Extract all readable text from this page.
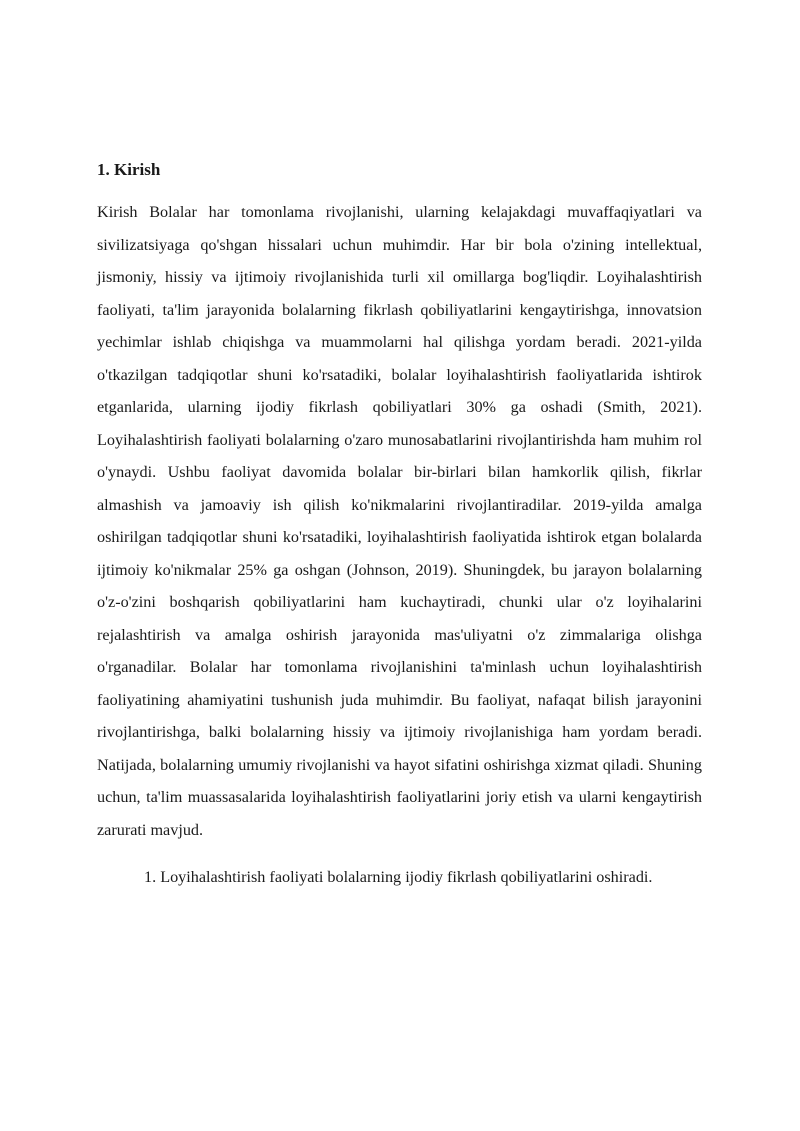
1. Kirish

Kirish Bolalar har tomonlama rivojlanishi, ularning kelajakdagi muvaffaqiyatlari va sivilizatsiyaga qo'shgan hissalari uchun muhimdir. Har bir bola o'zining intellektual, jismoniy, hissiy va ijtimoiy rivojlanishida turli xil omillarga bog'liqdir. Loyihalashtirish faoliyati, ta'lim jarayonida bolalarning fikrlash qobiliyatlarini kengaytirishga, innovatsion yechimlar ishlab chiqishga va muammolarni hal qilishga yordam beradi. 2021-yilda o'tkazilgan tadqiqotlar shuni ko'rsatadiki, bolalar loyihalashtirish faoliyatlarida ishtirok etganlarida, ularning ijodiy fikrlash qobiliyatlari 30% ga oshadi (Smith, 2021). Loyihalashtirish faoliyati bolalarning o'zaro munosabatlarini rivojlantirishda ham muhim rol o'ynaydi. Ushbu faoliyat davomida bolalar bir-birlari bilan hamkorlik qilish, fikrlar almashish va jamoaviy ish qilish ko'nikmalarini rivojlantiradilar. 2019-yilda amalga oshirilgan tadqiqotlar shuni ko'rsatadiki, loyihalashtirish faoliyatida ishtirok etgan bolalarda ijtimoiy ko'nikmalar 25% ga oshgan (Johnson, 2019). Shuningdek, bu jarayon bolalarning o'z-o'zini boshqarish qobiliyatlarini ham kuchaytiradi, chunki ular o'z loyihalarini rejalashtirish va amalga oshirish jarayonida mas'uliyatni o'z zimmalariga olishga o'rganadilar. Bolalar har tomonlama rivojlanishini ta'minlash uchun loyihalashtirish faoliyatining ahamiyatini tushunish juda muhimdir. Bu faoliyat, nafaqat bilish jarayonini rivojlantirishga, balki bolalarning hissiy va ijtimoiy rivojlanishiga ham yordam beradi. Natijada, bolalarning umumiy rivojlanishi va hayot sifatini oshirishga xizmat qiladi. Shuning uchun, ta'lim muassasalarida loyihalashtirish faoliyatlarini joriy etish va ularni kengaytirish zarurati mavjud.

1. Loyihalashtirish faoliyati bolalarning ijodiy fikrlash qobiliyatlarini oshiradi.
